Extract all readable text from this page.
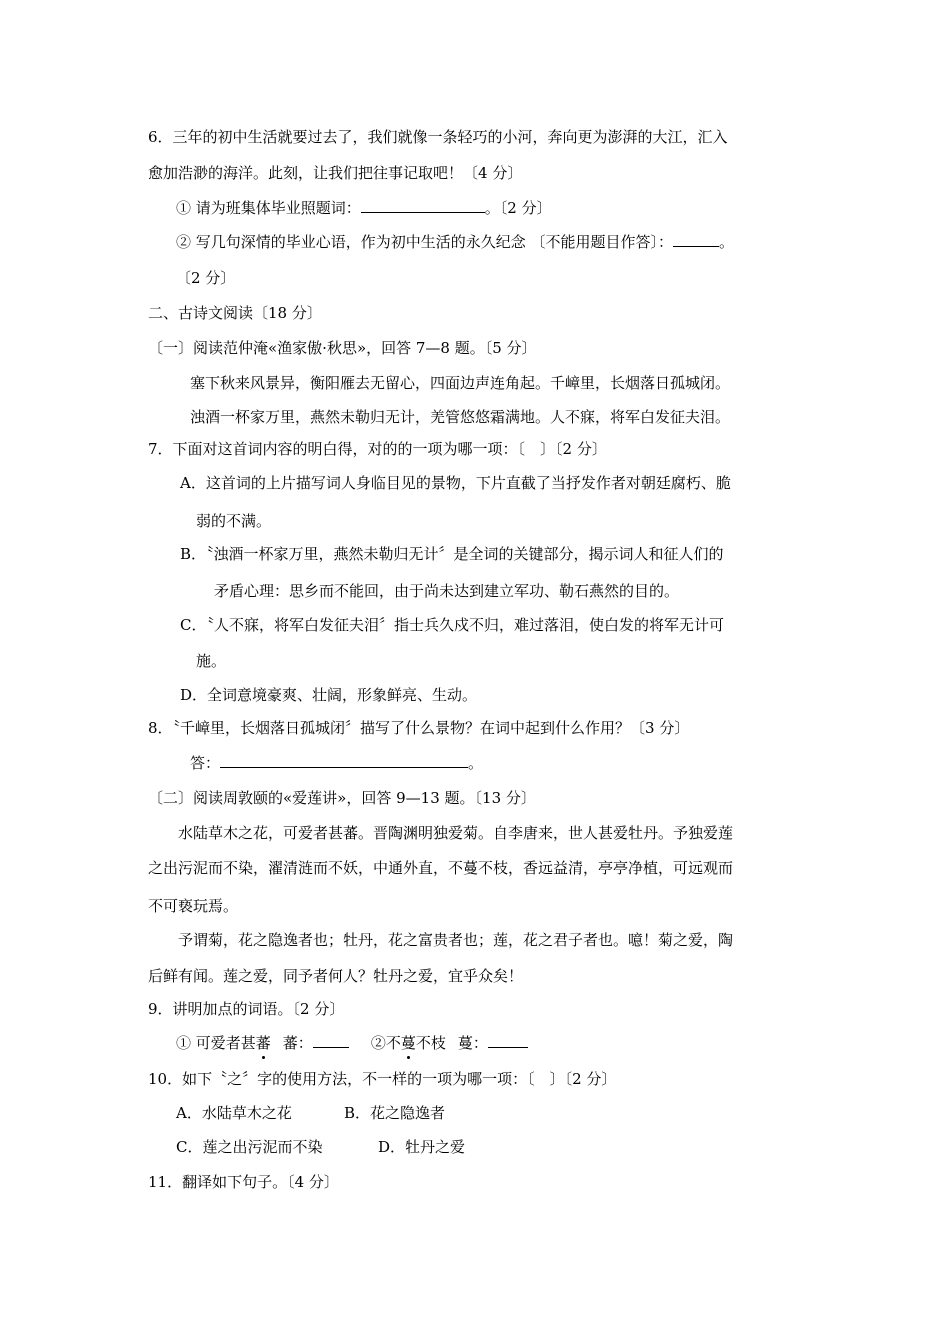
6．三年的初中生活就要过去了，我们就像一条轻巧的小河，奔向更为澎湃的大江，汇入
愈加浩渺的海洋。此刻，让我们把往事记取吧！〔4 分〕
① 请为班集体毕业照题词：	。〔2 分〕
② 写几句深情的毕业心语，作为初中生活的永久纪念 〔不能用题目作答〕：	。
〔2 分〕
二、古诗文阅读〔18 分〕
〔一〕阅读范仲淹«渔家傲·秋思»，回答 7—8 题。〔5 分〕
塞下秋来风景异，衡阳雁去无留心，四面边声连角起。千嶂里，长烟落日孤城闭。
浊酒一杯家万里，燕然未勒归无计，羌管悠悠霜满地。人不寐，将军白发征夫泪。
7．下面对这首词内容的明白得，对的的一项为哪一项：〔　〕〔2 分〕
A．这首词的上片描写词人身临目见的景物，下片直截了当抒发作者对朝廷腐朽、脆
弱的不满。
B．〝浊酒一杯家万里，燕然未勒归无计〞是全词的关键部分，揭示词人和征人们的
矛盾心理：思乡而不能回，由于尚未达到建立军功、勒石燕然的目的。
C．〝人不寐，将军白发征夫泪〞指士兵久戍不归，难过落泪，使白发的将军无计可
施。
D．全词意境豪爽、壮阔，形象鲜亮、生动。
8．〝千嶂里，长烟落日孤城闭〞描写了什么景物？在词中起到什么作用？〔3 分〕
答：	。
〔二〕阅读周敦颐的«爱莲讲»，回答 9—13 题。〔13 分〕
水陆草木之花，可爱者甚蕃。晋陶渊明独爱菊。自李唐来，世人甚爱牡丹。予独爱莲
之出污泥而不染，濯清涟而不妖，中通外直，不蔓不枝，香远益清，亭亭净植，可远观而
不可亵玩焉。
予谓菊，花之隐逸者也；牡丹，花之富贵者也；莲，花之君子者也。噫！菊之爱，陶
后鲜有闻。莲之爱，同予者何人？牡丹之爱，宜乎众矣！
9．讲明加点的词语。〔2 分〕
① 可爱者甚蕃 蕃：	②不蔓不枝 蔓：
10．如下〝之〞字的使用方法，不一样的一项为哪一项：〔　〕〔2 分〕
A．水陆草木之花	B．花之隐逸者
C．莲之出污泥而不染	D．牡丹之爱
11．翻译如下句子。〔4 分〕
